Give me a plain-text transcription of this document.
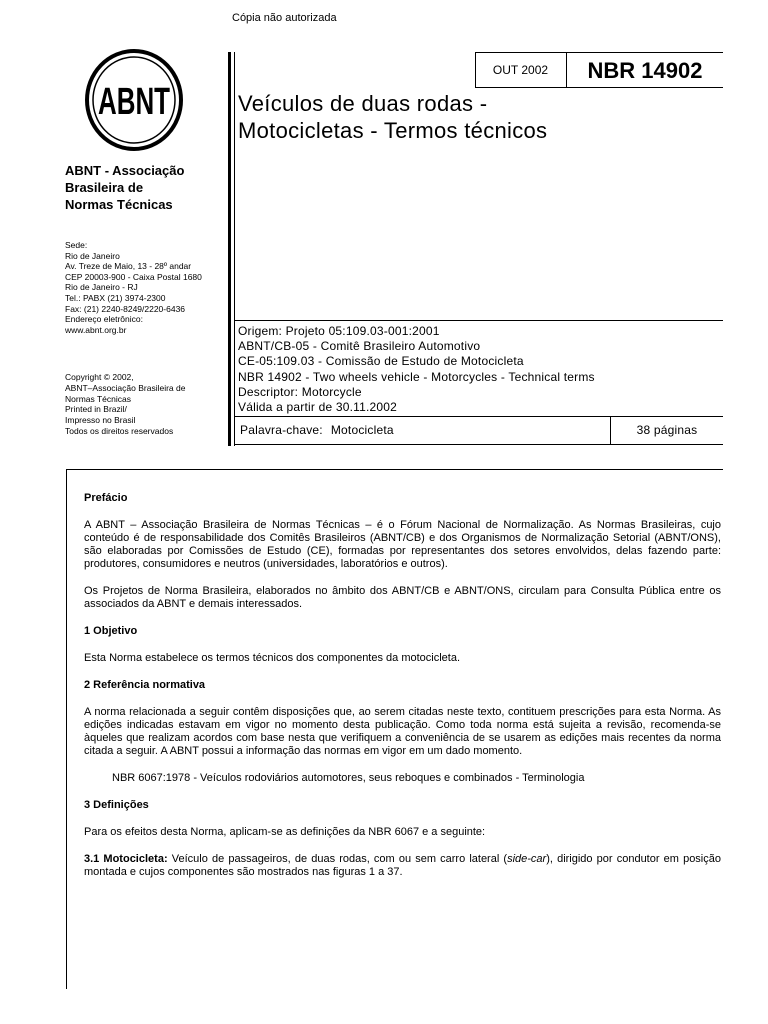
Cópia não autorizada
ABNT
ABNT - Associação
Brasileira de
Normas Técnicas
Sede:
Rio de Janeiro
Av. Treze de Maio, 13 - 28º andar
CEP 20003-900 - Caixa Postal 1680
Rio de Janeiro - RJ
Tel.: PABX (21) 3974-2300
Fax: (21) 2240-8249/2220-6436
Endereço eletrônico:
www.abnt.org.br
Copyright © 2002,
ABNT–Associação Brasileira de
Normas Técnicas
Printed in Brazil/
Impresso no Brasil
Todos os direitos reservados
OUT 2002	NBR 14902
Veículos de duas rodas -
Motocicletas - Termos técnicos
Origem: Projeto 05:109.03-001:2001
ABNT/CB-05 - Comitê Brasileiro Automotivo
CE-05:109.03 - Comissão de Estudo de Motocicleta
NBR 14902 - Two wheels vehicle - Motorcycles - Technical terms
Descriptor: Motorcycle
Válida a partir de 30.11.2002
Palavra-chave: Motocicleta	38 páginas

Prefácio

A ABNT – Associação Brasileira de Normas Técnicas – é o Fórum Nacional de Normalização. As Normas Brasileiras, cujo conteúdo é de responsabilidade dos Comitês Brasileiros (ABNT/CB) e dos Organismos de Normalização Setorial (ABNT/ONS), são elaboradas por Comissões de Estudo (CE), formadas por representantes dos setores envolvidos, delas fazendo parte: produtores, consumidores e neutros (universidades, laboratórios e outros).

Os Projetos de Norma Brasileira, elaborados no âmbito dos ABNT/CB e ABNT/ONS, circulam para Consulta Pública entre os associados da ABNT e demais interessados.

1 Objetivo

Esta Norma estabelece os termos técnicos dos componentes da motocicleta.

2 Referência normativa

A norma relacionada a seguir contêm disposições que, ao serem citadas neste texto, contituem prescrições para esta Norma. As edições indicadas estavam em vigor no momento desta publicação. Como toda norma está sujeita a revisão, recomenda-se àqueles que realizam acordos com base nesta que verifiquem a conveniência de se usarem as edições mais recentes da norma citada a seguir. A ABNT possui a informação das normas em vigor em um dado momento.

NBR 6067:1978 - Veículos rodoviários automotores, seus reboques e combinados - Terminologia

3 Definições

Para os efeitos desta Norma, aplicam-se as definições da NBR 6067 e a seguinte:

3.1 Motocicleta: Veículo de passageiros, de duas rodas, com ou sem carro lateral (side-car), dirigido por condutor em posição montada e cujos componentes são mostrados nas figuras 1 a 37.
